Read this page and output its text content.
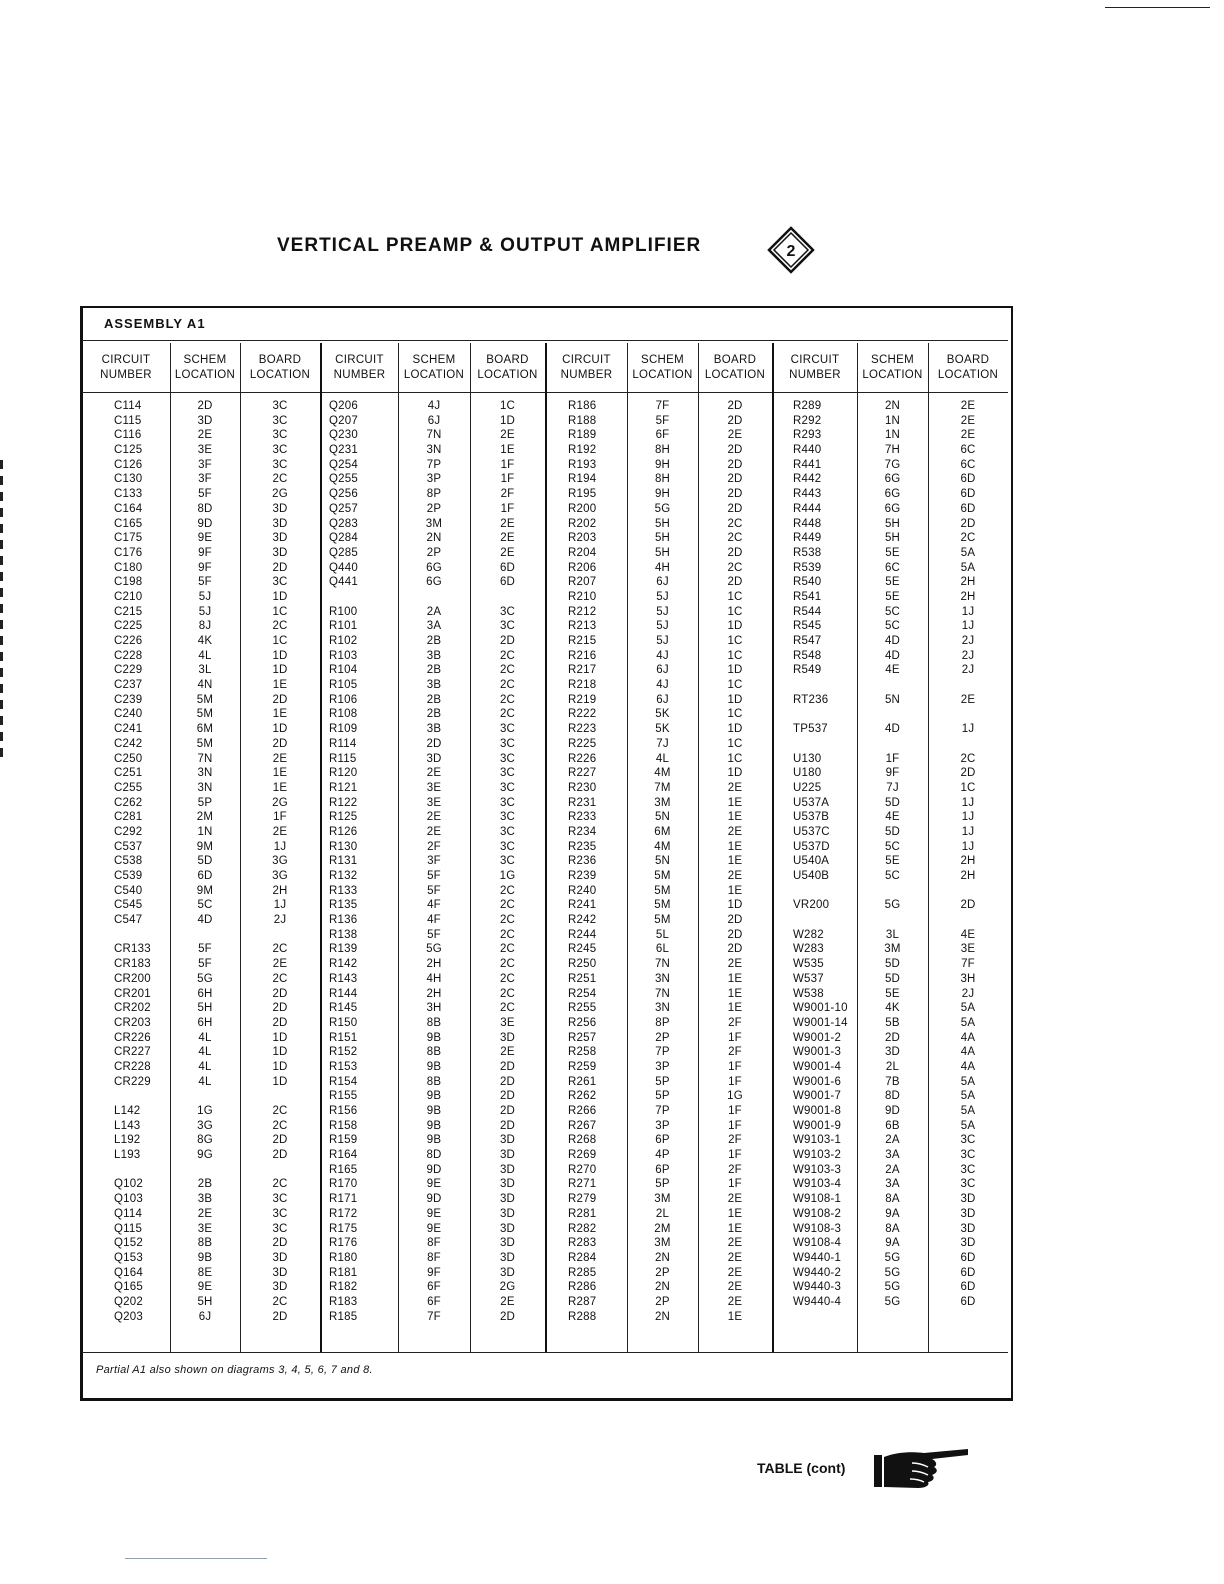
VERTICAL PREAMP & OUTPUT AMPLIFIER	2
ASSEMBLY A1
CIRCUIT
NUMBER
C114
C115
C116
C125
C126
C130
C133
C164
C165
C175
C176
C180
C198
C210
C215
C225
C226
C228
C229
C237
C239
C240
C241
C242
C250
C251
C255
C262
C281
C292
C537
C538
C539
C540
C545
C547
CR133
CR183
CR200
CR201
CR202
CR203
CR226
CR227
CR228
CR229
L142
L143
L192
L193
Q102
Q103
Q114
Q115
Q152
Q153
Q164
Q165
Q202
Q203
SCHEM
LOCATION
2D
3D
2E
3E
3F
3F
5F
8D
9D
9E
9F
9F
5F
5J
5J
8J
4K
4L
3L
4N
5M
5M
6M
5M
7N
3N
3N
5P
2M
1N
9M
5D
6D
9M
5C
4D
5F
5F
5G
6H
5H
6H
4L
4L
4L
4L
1G
3G
8G
9G
2B
3B
2E
3E
8B
9B
8E
9E
5H
6J
BOARD
LOCATION
3C
3C
3C
3C
3C
2C
2G
3D
3D
3D
3D
2D
3C
1D
1C
2C
1C
1D
1D
1E
2D
1E
1D
2D
2E
1E
1E
2G
1F
2E
1J
3G
3G
2H
1J
2J
2C
2E
2C
2D
2D
2D
1D
1D
1D
1D
2C
2C
2D
2D
2C
3C
3C
3C
2D
3D
3D
3D
2C
2D
CIRCUIT
NUMBER
Q206
Q207
Q230
Q231
Q254
Q255
Q256
Q257
Q283
Q284
Q285
Q440
Q441
R100
R101
R102
R103
R104
R105
R106
R108
R109
R114
R115
R120
R121
R122
R125
R126
R130
R131
R132
R133
R135
R136
R138
R139
R142
R143
R144
R145
R150
R151
R152
R153
R154
R155
R156
R158
R159
R164
R165
R170
R171
R172
R175
R176
R180
R181
R182
R183
R185
SCHEM
LOCATION
4J
6J
7N
3N
7P
3P
8P
2P
3M
2N
2P
6G
6G
2A
3A
2B
3B
2B
3B
2B
2B
3B
2D
3D
2E
3E
3E
2E
2E
2F
3F
5F
5F
4F
4F
5F
5G
2H
4H
2H
3H
8B
9B
8B
9B
8B
9B
9B
9B
9B
8D
9D
9E
9D
9E
9E
8F
8F
9F
6F
6F
7F
BOARD
LOCATION
1C
1D
2E
1E
1F
1F
2F
1F
2E
2E
2E
6D
6D
3C
3C
2D
2C
2C
2C
2C
2C
3C
3C
3C
3C
3C
3C
3C
3C
3C
3C
1G
2C
2C
2C
2C
2C
2C
2C
2C
2C
3E
3D
2E
2D
2D
2D
2D
2D
3D
3D
3D
3D
3D
3D
3D
3D
3D
3D
2G
2E
2D
CIRCUIT
NUMBER
R186
R188
R189
R192
R193
R194
R195
R200
R202
R203
R204
R206
R207
R210
R212
R213
R215
R216
R217
R218
R219
R222
R223
R225
R226
R227
R230
R231
R233
R234
R235
R236
R239
R240
R241
R242
R244
R245
R250
R251
R254
R255
R256
R257
R258
R259
R261
R262
R266
R267
R268
R269
R270
R271
R279
R281
R282
R283
R284
R285
R286
R287
R288
SCHEM
LOCATION
7F
5F
6F
8H
9H
8H
9H
5G
5H
5H
5H
4H
6J
5J
5J
5J
5J
4J
6J
4J
6J
5K
5K
7J
4L
4M
7M
3M
5N
6M
4M
5N
5M
5M
5M
5M
5L
6L
7N
3N
7N
3N
8P
2P
7P
3P
5P
5P
7P
3P
6P
4P
6P
5P
3M
2L
2M
3M
2N
2P
2N
2P
2N
BOARD
LOCATION
2D
2D
2E
2D
2D
2D
2D
2D
2C
2C
2D
2C
2D
1C
1C
1D
1C
1C
1D
1C
1D
1C
1D
1C
1C
1D
2E
1E
1E
2E
1E
1E
2E
1E
1D
2D
2D
2D
2E
1E
1E
1E
2F
1F
2F
1F
1F
1G
1F
1F
2F
1F
2F
1F
2E
1E
1E
2E
2E
2E
2E
2E
1E
CIRCUIT
NUMBER
R289
R292
R293
R440
R441
R442
R443
R444
R448
R449
R538
R539
R540
R541
R544
R545
R547
R548
R549
RT236
TP537
U130
U180
U225
U537A
U537B
U537C
U537D
U540A
U540B
VR200
W282
W283
W535
W537
W538
W9001-10
W9001-14
W9001-2
W9001-3
W9001-4
W9001-6
W9001-7
W9001-8
W9001-9
W9103-1
W9103-2
W9103-3
W9103-4
W9108-1
W9108-2
W9108-3
W9108-4
W9440-1
W9440-2
W9440-3
W9440-4
SCHEM
LOCATION
2N
1N
1N
7H
7G
6G
6G
6G
5H
5H
5E
6C
5E
5E
5C
5C
4D
4D
4E
5N
4D
1F
9F
7J
5D
4E
5D
5C
5E
5C
5G
3L
3M
5D
5D
5E
4K
5B
2D
3D
2L
7B
8D
9D
6B
2A
3A
2A
3A
8A
9A
8A
9A
5G
5G
5G
5G
BOARD
LOCATION
2E
2E
2E
6C
6C
6D
6D
6D
2D
2C
5A
5A
2H
2H
1J
1J
2J
2J
2J
2E
1J
2C
2D
1C
1J
1J
1J
1J
2H
2H
2D
4E
3E
7F
3H
2J
5A
5A
4A
4A
4A
5A
5A
5A
5A
3C
3C
3C
3C
3D
3D
3D
3D
6D
6D
6D
6D
Partial A1 also shown on diagrams 3, 4, 5, 6, 7 and 8.
TABLE (cont)
